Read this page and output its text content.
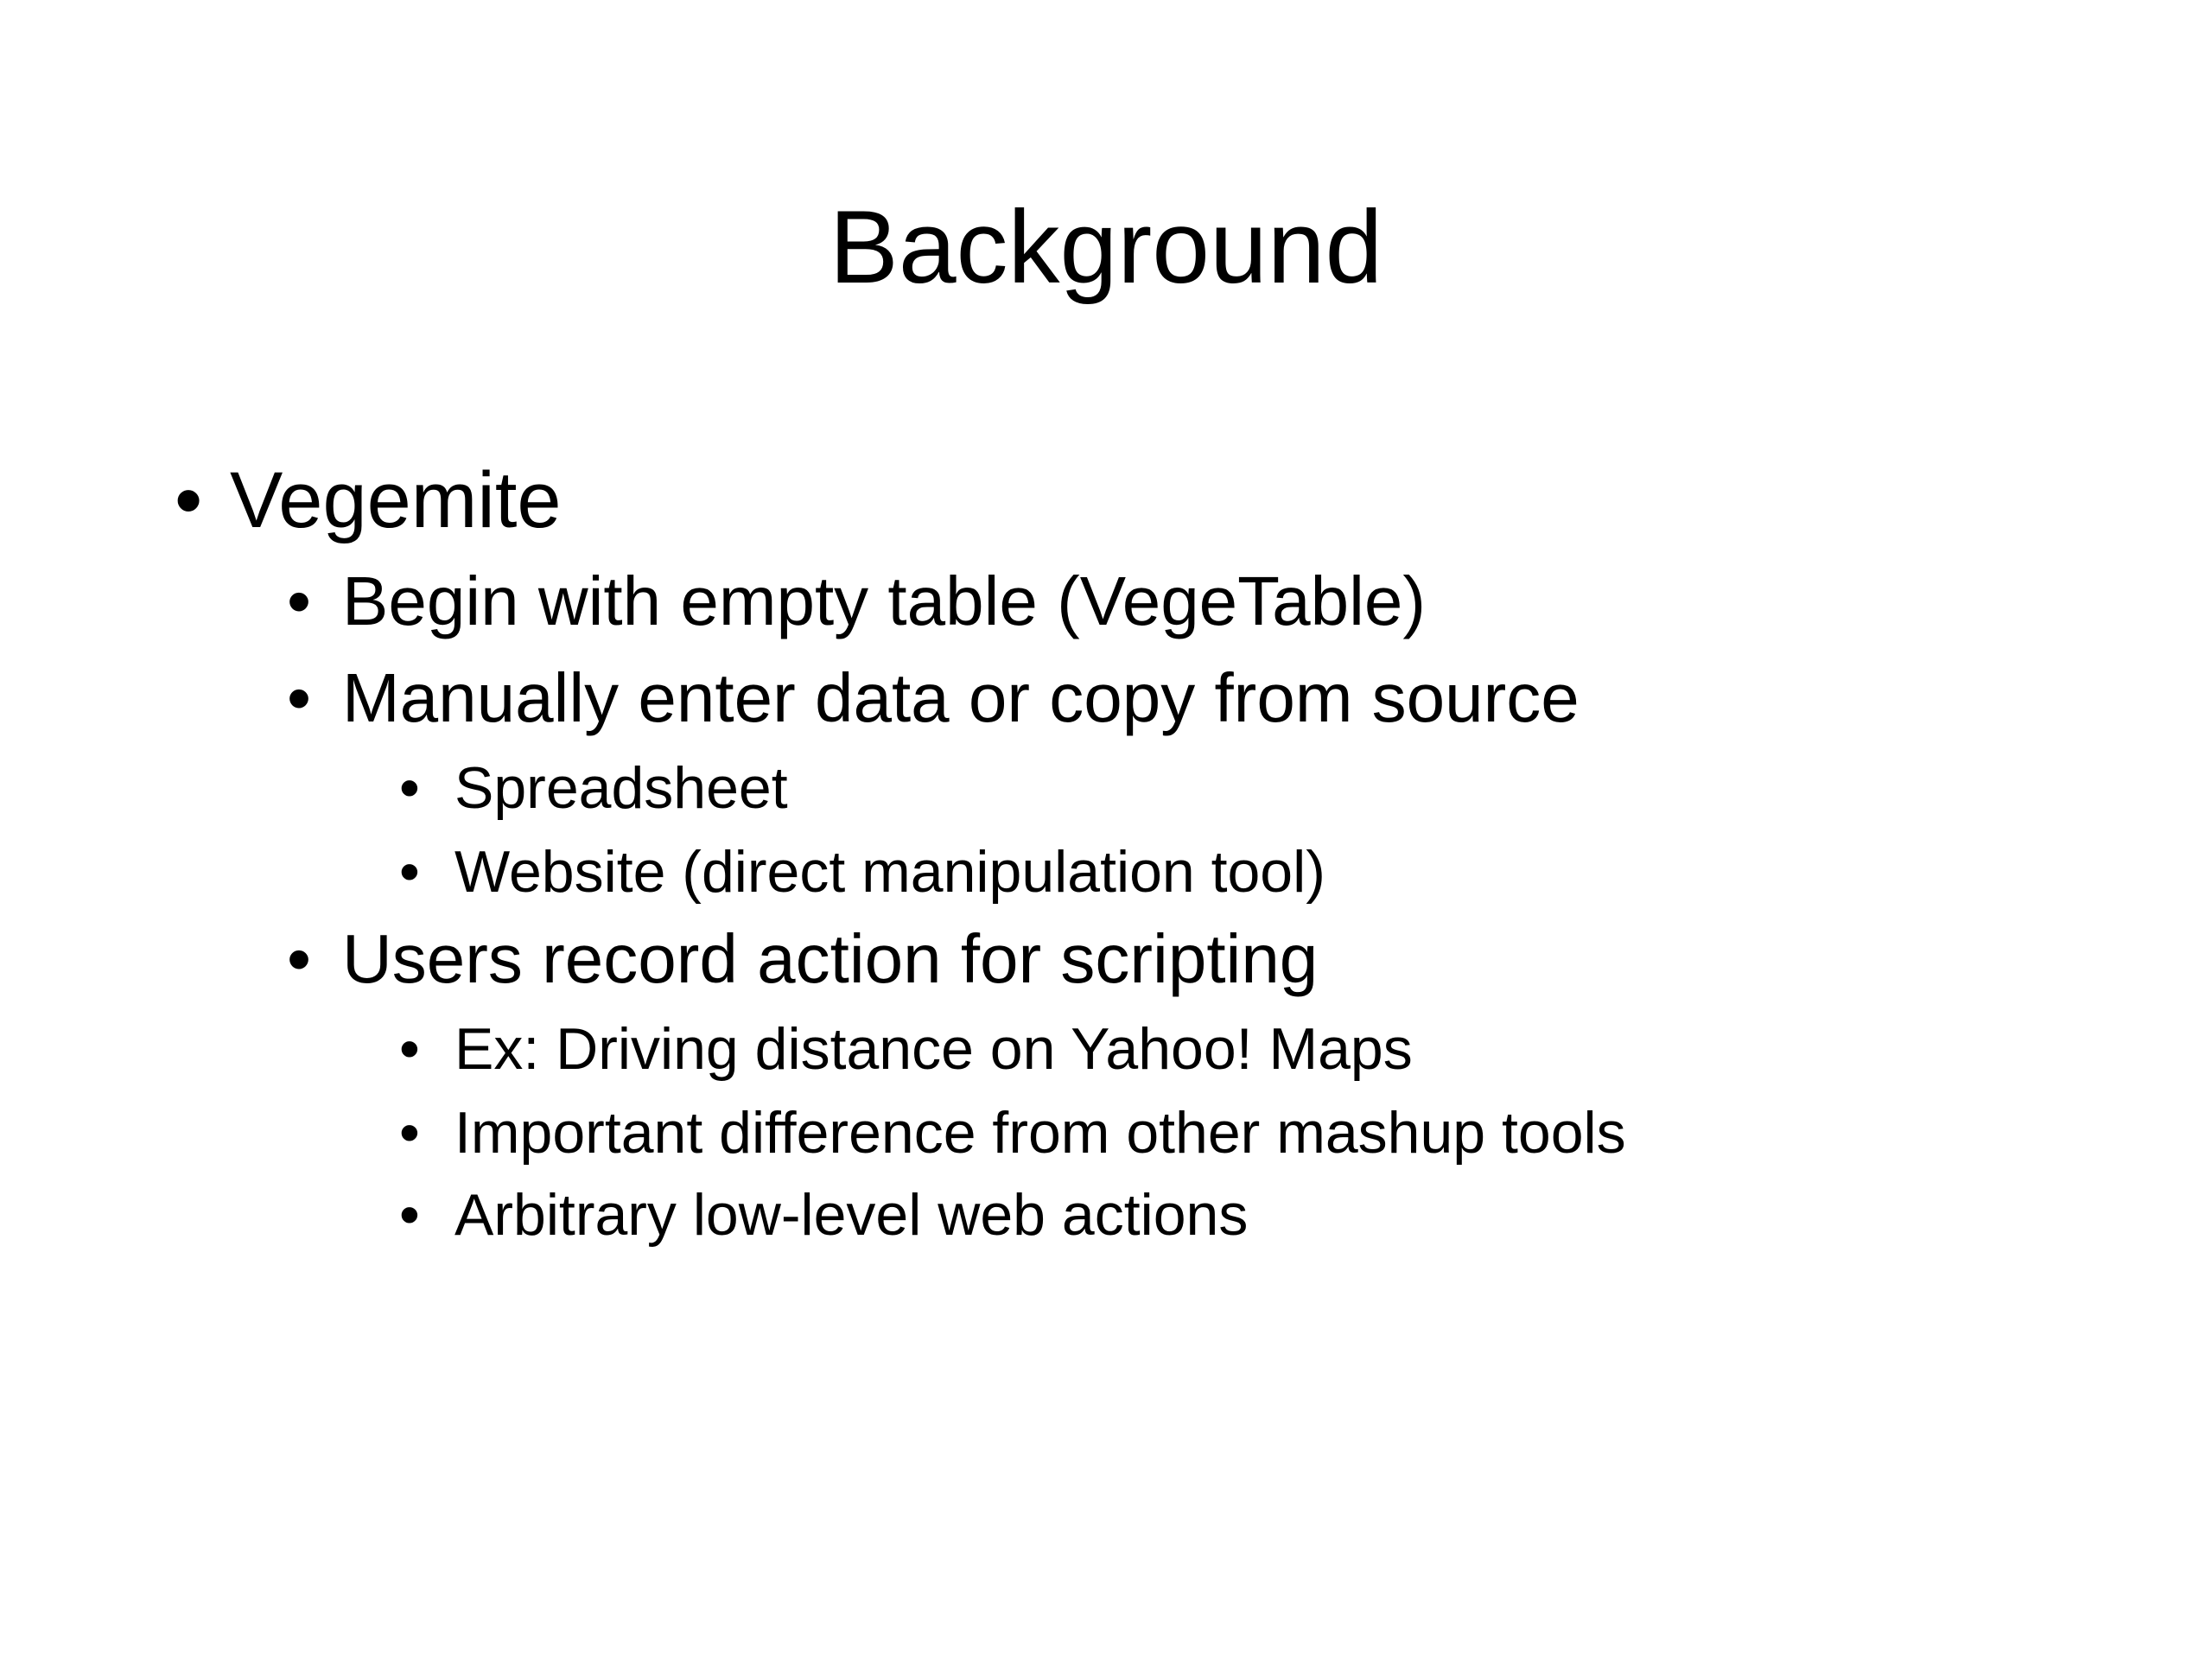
Background
• Vegemite
• Begin with empty table (VegeTable)
• Manually enter data or copy from source
• Spreadsheet
• Website (direct manipulation tool)
• Users record action for scripting
• Ex: Driving distance on Yahoo! Maps
• Important difference from other mashup tools
• Arbitrary low-level web actions
